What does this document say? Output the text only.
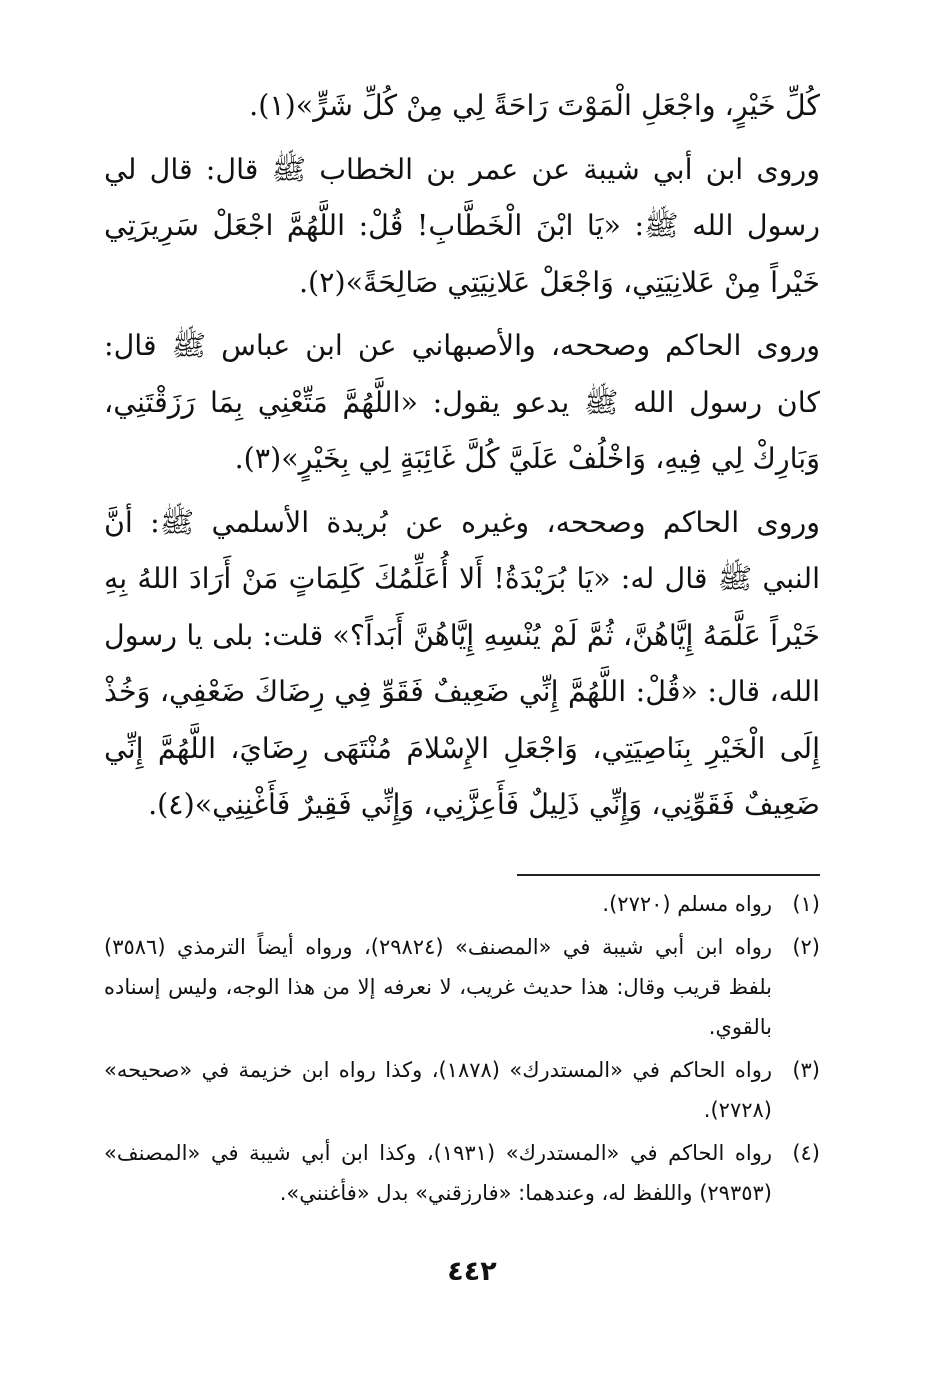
كُلِّ خَيْرٍ، واجْعَلِ الْمَوْتَ رَاحَةً لِي مِنْ كُلِّ شَرٍّ»(١).

وروى ابن أبي شيبة عن عمر بن الخطاب ﷺ قال: قال لي رسول الله ﷺ: «يَا ابْنَ الْخَطَّابِ! قُلْ: اللَّهُمَّ اجْعَلْ سَرِيرَتِي خَيْراً مِنْ عَلانِيَتِي، وَاجْعَلْ عَلانِيَتِي صَالِحَةً»(٢).

وروى الحاكم وصححه، والأصبهاني عن ابن عباس ﷺ قال: كان رسول الله ﷺ يدعو يقول: «اللَّهُمَّ مَتِّعْنِي بِمَا رَزَقْتَنِي، وَبَارِكْ لِي فِيهِ، وَاخْلُفْ عَلَيَّ كُلَّ غَائِبَةٍ لِي بِخَيْرٍ»(٣).

وروى الحاكم وصححه، وغيره عن بُريدة الأسلمي ﷺ: أنَّ النبي ﷺ قال له: «يَا بُرَيْدَةُ! أَلا أُعَلِّمُكَ كَلِمَاتٍ مَنْ أَرَادَ اللهُ بِهِ خَيْراً عَلَّمَهُ إِيَّاهُنَّ، ثُمَّ لَمْ يُنْسِهِ إِيَّاهُنَّ أَبَداً؟» قلت: بلى يا رسول الله، قال: «قُلْ: اللَّهُمَّ إِنِّي ضَعِيفٌ فَقَوِّ فِي رِضَاكَ ضَعْفِي، وَخُذْ إِلَى الْخَيْرِ بِنَاصِيَتِي، وَاجْعَلِ الإِسْلامَ مُنْتَهَى رِضَايَ، اللَّهُمَّ إِنِّي ضَعِيفٌ فَقَوِّنِي، وَإِنِّي ذَلِيلٌ فَأَعِزَّنِي، وَإِنِّي فَقِيرٌ فَأَغْنِنِي»(٤).

(١)
رواه مسلم (٢٧٢٠).
(٢)
رواه ابن أبي شيبة في «المصنف» (٢٩٨٢٤)، ورواه أيضاً الترمذي (٣٥٨٦) بلفظ قريب وقال: هذا حديث غريب، لا نعرفه إلا من هذا الوجه، وليس إسناده بالقوي.
(٣)
رواه الحاكم في «المستدرك» (١٨٧٨)، وكذا رواه ابن خزيمة في «صحيحه» (٢٧٢٨).
(٤)
رواه الحاكم في «المستدرك» (١٩٣١)، وكذا ابن أبي شيبة في «المصنف» (٢٩٣٥٣) واللفظ له، وعندهما: «فارزقني» بدل «فأغنني».
٤٤٢
